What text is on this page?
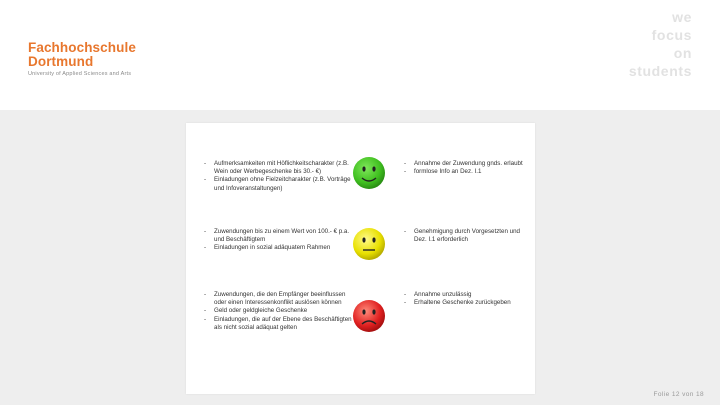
Fachhochschule
Dortmund
University of Applied Sciences and Arts
we
focus
on
students
- Aufmerksamkeiten mit Höflichkeitscharakter (z.B. Wein oder Werbegeschenke bis 30.- €)
- Einladungen ohne Fielzeitcharakter (z.B. Vorträge und Infoveranstaltungen)
- Annahme der Zuwendung gnds. erlaubt
- formlose Info an Dez. I.1
- Zuwendungen bis zu einem Wert von 100.- € p.a. und Beschäftigtem
- Einladungen in sozial adäquatem Rahmen
- Genehmigung durch Vorgesetzten und Dez. I.1 erforderlich
- Zuwendungen, die den Empfänger beeinflussen oder einen Interessenkonflikt auslösen können
- Geld oder geldgleiche Geschenke
- Einladungen, die auf der Ebene des Beschäftigten als nicht sozial adäquat gelten
- Annahme unzulässig
- Erhaltene Geschenke zurückgeben
Folie 12 von 18
